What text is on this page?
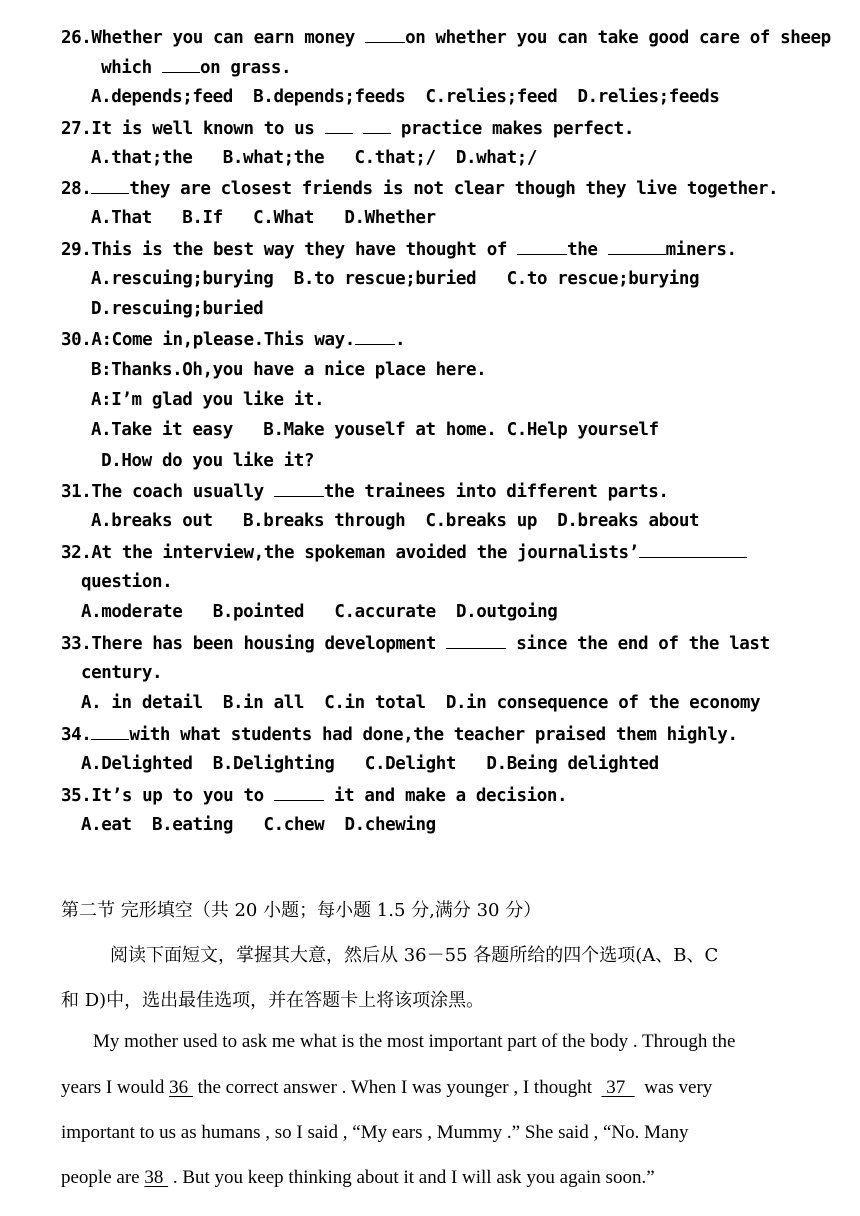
26.Whether you can earn money on whether you can take good care of sheep
which on grass.
A.depends;feed  B.depends;feeds  C.relies;feed  D.relies;feeds
27.It is well known to us	practice makes perfect.
A.that;the   B.what;the   C.that;/  D.what;/
28. they are closest friends is not clear though they live together.
A.That   B.If   C.What   D.Whether
29.This is the best way they have thought of	the	miners.
A.rescuing;burying  B.to rescue;buried   C.to rescue;burying
D.rescuing;buried
30.A:Come in,please.This way. .
B:Thanks.Oh,you have a nice place here.
A:I’m glad you like it.
A.Take it easy   B.Make youself at home. C.Help yourself
D.How do you like it?
31.The coach usually	the trainees into different parts.
A.breaks out   B.breaks through  C.breaks up  D.breaks about
32.At the interview,the spokeman avoided the journalists’
question.
A.moderate   B.pointed   C.accurate  D.outgoing
33.There has been housing development	since the end of the last
century.
A. in detail  B.in all  C.in total  D.in consequence of the economy
34. with what students had done,the teacher praised them highly.
A.Delighted  B.Delighting   C.Delight   D.Being delighted
35.It’s up to you to	it and make a decision.
A.eat  B.eating   C.chew  D.chewing
第二节 完形填空（共 20 小题；每小题 1.5 分,满分 30 分）
阅读下面短文，掌握其大意，然后从 36－55 各题所给的四个选项(A、B、C
和 D)中，选出最佳选项，并在答题卡上将该项涂黑。
My mother used to ask me what is the most important part of the body . Through the
years I would 36  the correct answer . When I was younger , I thought   37    was very
important to us as humans , so I said , “My ears , Mummy .” She said , “No. Many
people are 38  . But you keep thinking about it and I will ask you again soon.”
